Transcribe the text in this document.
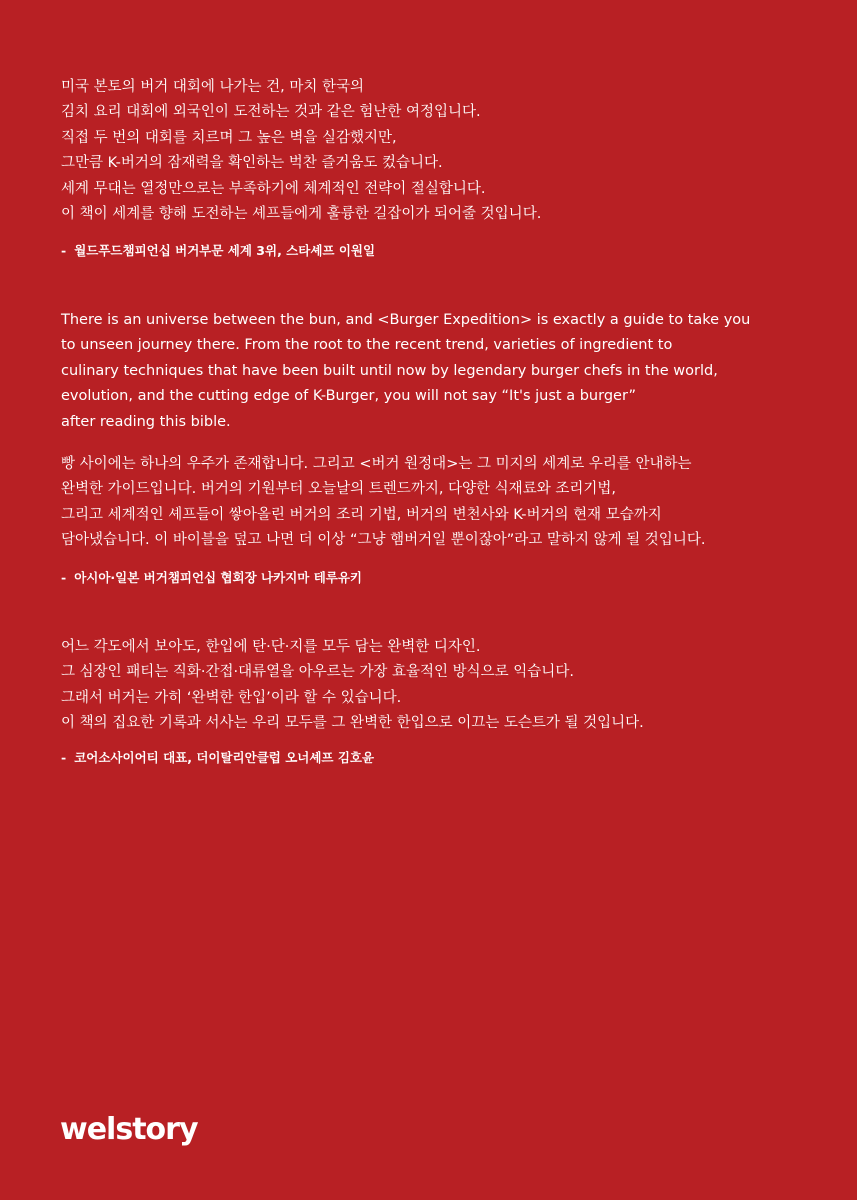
미국 본토의 버거 대회에 나가는 건, 마치 한국의
김치 요리 대회에 외국인이 도전하는 것과 같은 험난한 여정입니다.
직접 두 번의 대회를 치르며 그 높은 벽을 실감했지만,
그만큼 K-버거의 잠재력을 확인하는 벅찬 즐거움도 컸습니다.
세계 무대는 열정만으로는 부족하기에 체계적인 전략이 절실합니다.
이 책이 세계를 향해 도전하는 셰프들에게 훌륭한 길잡이가 되어줄 것입니다.
- 월드푸드챔피언십 버거부문 세계 3위, 스타셰프 이원일
There is an universe between the bun, and <Burger Expedition> is exactly a guide to take you
to unseen journey there. From the root to the recent trend, varieties of ingredient to
culinary techniques that have been built until now by legendary burger chefs in the world,
evolution, and the cutting edge of K-Burger, you will not say “It's just a burger”
after reading this bible.
빵 사이에는 하나의 우주가 존재합니다. 그리고 <버거 원정대>는 그 미지의 세계로 우리를 안내하는
완벽한 가이드입니다. 버거의 기원부터 오늘날의 트렌드까지, 다양한 식재료와 조리기법,
그리고 세계적인 셰프들이 쌓아올린 버거의 조리 기법, 버거의 변천사와 K-버거의 현재 모습까지
담아냈습니다. 이 바이블을 덮고 나면 더 이상 “그냥 햄버거일 뿐이잖아”라고 말하지 않게 될 것입니다.
- 아시아·일본 버거챔피언십 협회장 나카지마 테루유키
어느 각도에서 보아도, 한입에 탄·단·지를 모두 담는 완벽한 디자인.
그 심장인 패티는 직화·간접·대류열을 아우르는 가장 효율적인 방식으로 익습니다.
그래서 버거는 가히 ‘완벽한 한입’이라 할 수 있습니다.
이 책의 집요한 기록과 서사는 우리 모두를 그 완벽한 한입으로 이끄는 도슨트가 될 것입니다.
- 코어소사이어티 대표, 더이탈리안클럽 오너셰프 김호윤
welstory
